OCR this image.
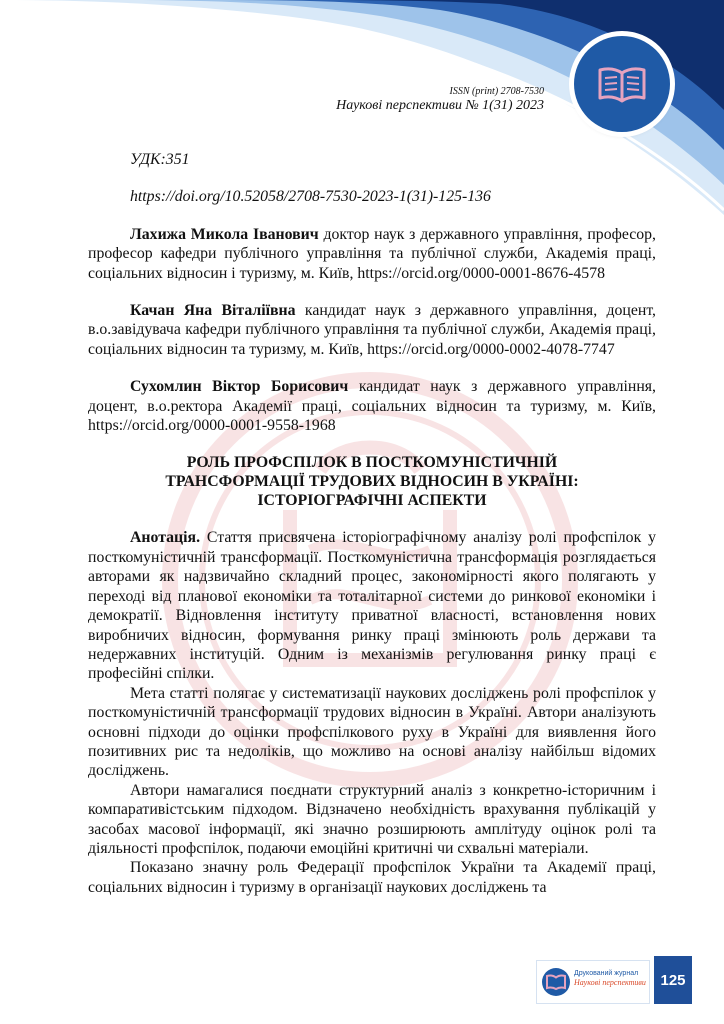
ISSN (print) 2708-7530
Наукові перспективи № 1(31) 2023

УДК:351

https://doi.org/10.52058/2708-7530-2023-1(31)-125-136

Лахижа Микола Іванович доктор наук з державного управління, професор, професор кафедри публічного управління та публічної служби, Академія праці, соціальних відносин і туризму, м. Київ, https://orcid.org/0000-0001-8676-4578

Качан Яна Віталіївна кандидат наук з державного управління, доцент, в.о.завідувача кафедри публічного управління та публічної служби, Академія праці, соціальних відносин та туризму, м. Київ, https://orcid.org/0000-0002-4078-7747

Сухомлин Віктор Борисович кандидат наук з державного управління, доцент, в.о.ректора Академії праці, соціальних відносин та туризму, м. Київ, https://orcid.org/0000-0001-9558-1968

РОЛЬ ПРОФСПІЛОК В ПОСТКОМУНІСТИЧНІЙ
ТРАНСФОРМАЦІЇ ТРУДОВИХ ВІДНОСИН В УКРАЇНІ:
ІСТОРІОГРАФІЧНІ АСПЕКТИ

Анотація. Стаття присвячена історіографічному аналізу ролі профспілок у посткомуністичній трансформації. Посткомуністична трансформація розглядається авторами як надзвичайно складний процес, закономірності якого полягають у переході від планової економіки та тоталітарної системи до ринкової економіки і демократії. Відновлення інституту приватної власності, встановлення нових виробничих відносин, формування ринку праці змінюють роль держави та недержавних інституцій. Одним із механізмів регулювання ринку праці є професійні спілки.

Мета статті полягає у систематизації наукових досліджень ролі профспілок у посткомуністичній трансформації трудових відносин в Україні. Автори аналізують основні підходи до оцінки профспілкового руху в Україні для виявлення його позитивних рис та недоліків, що можливо на основі аналізу найбільш відомих досліджень.

Автори намагалися поєднати структурний аналіз з конкретно-історичним і компаративістським підходом. Відзначено необхідність врахування публікацій у засобах масової інформації, які значно розширюють амплітуду оцінок ролі та діяльності профспілок, подаючи емоційні критичні чи схвальні матеріали.

Показано значну роль Федерації профспілок України та Академії праці, соціальних відносин і туризму в організації наукових досліджень та

Друкований журнал
Наукові перспективи 125
